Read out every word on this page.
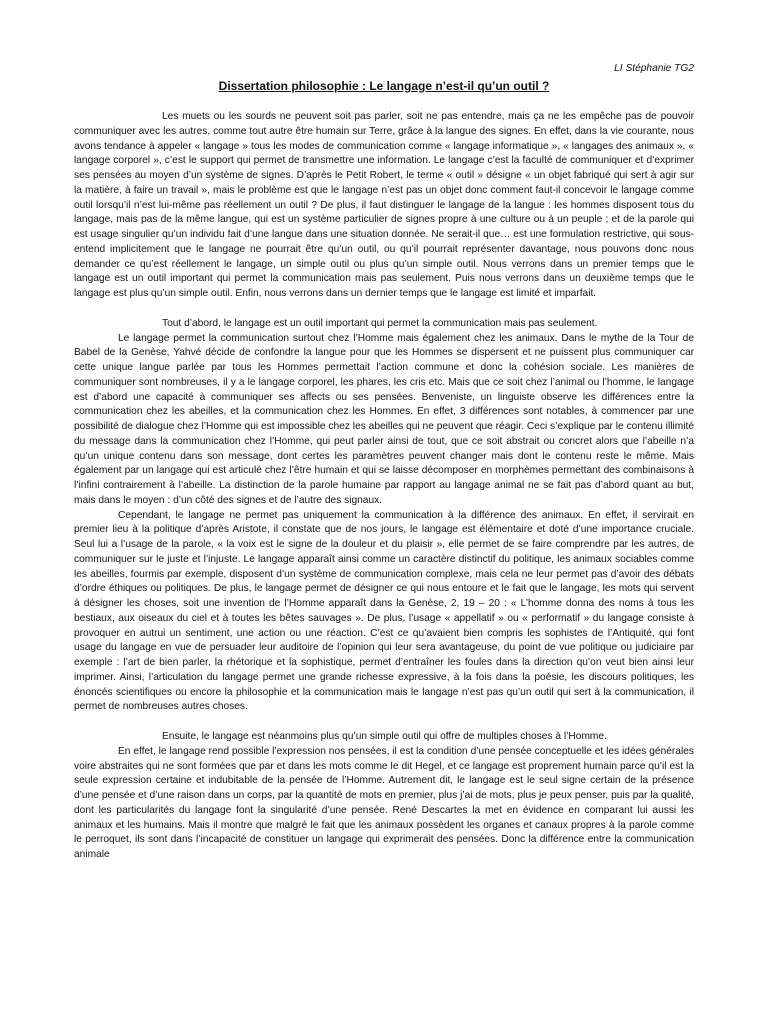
LI Stéphanie TG2
Dissertation philosophie : Le langage n’est-il qu’un outil ?

Les muets ou les sourds ne peuvent soit pas parler, soit ne pas entendre, mais ça ne les empêche pas de pouvoir communiquer avec les autres, comme tout autre être humain sur Terre, grâce à la langue des signes. En effet, dans la vie courante, nous avons tendance à appeler « langage » tous les modes de communication comme « langage informatique », « langages des animaux », « langage corporel », c’est le support qui permet de transmettre une information. Le langage c’est la faculté de communiquer et d’exprimer ses pensées au moyen d’un système de signes. D’après le Petit Robert, le terme « outil » désigne « un objet fabriqué qui sert à agir sur la matière, à faire un travail », mais le problème est que le langage n’est pas un objet donc comment faut-il concevoir le langage comme outil lorsqu’il n’est lui-même pas réellement un outil ? De plus, il faut distinguer le langage de la langue : les hommes disposent tous du langage, mais pas de la même langue, qui est un système particulier de signes propre à une culture ou à un peuple ; et de la parole qui est usage singulier qu’un individu fait d’une langue dans une situation donnée. Ne serait-il que… est une formulation restrictive, qui sous-entend implicitement que le langage ne pourrait être qu’un outil, ou qu’il pourrait représenter davantage, nous pouvons donc nous demander ce qu’est réellement le langage, un simple outil ou plus qu’un simple outil. Nous verrons dans un premier temps que le langage est un outil important qui permet la communication mais pas seulement. Puis nous verrons dans un deuxième temps que le langage est plus qu’un simple outil. Enfin, nous verrons dans un dernier temps que le langage est limité et imparfait.

Tout d’abord, le langage est un outil important qui permet la communication mais pas seulement.

Le langage permet la communication surtout chez l’Homme mais également chez les animaux. Dans le mythe de la Tour de Babel de la Genèse, Yahvé décide de confondre la langue pour que les Hommes se dispersent et ne puissent plus communiquer car cette unique langue parlée par tous les Hommes permettait l’action commune et donc la cohésion sociale. Les manières de communiquer sont nombreuses, il y a le langage corporel, les phares, les cris etc. Mais que ce soit chez l’animal ou l’homme, le langage est d’abord une capacité à communiquer ses affects ou ses pensées. Benveniste, un linguiste observe les différences entre la communication chez les abeilles, et la communication chez les Hommes. En effet, 3 différences sont notables, à commencer par une possibilité de dialogue chez l’Homme qui est impossible chez les abeilles qui ne peuvent que réagir. Ceci s’explique par le contenu illimité du message dans la communication chez l’Homme, qui peut parler ainsi de tout, que ce soit abstrait ou concret alors que l’abeille n’a qu’un unique contenu dans son message, dont certes les paramètres peuvent changer mais dont le contenu reste le même. Mais également par un langage qui est articulé chez l’être humain et qui se laisse décomposer en morphèmes permettant des combinaisons à l’infini contrairement à l’abeille. La distinction de la parole humaine par rapport au langage animal ne se fait pas d’abord quant au but, mais dans le moyen : d’un côté des signes et de l’autre des signaux.

Cependant, le langage ne permet pas uniquement la communication à la différence des animaux. En effet, il servirait en premier lieu à la politique d’après Aristote, il constate que de nos jours, le langage est élémentaire et doté d’une importance cruciale. Seul lui a l’usage de la parole, « la voix est le signe de la douleur et du plaisir », elle permet de se faire comprendre par les autres, de communiquer sur le juste et l’injuste. Le langage apparaît ainsi comme un caractère distinctif du politique, les animaux sociables comme les abeilles, fourmis par exemple, disposent d’un système de communication complexe, mais cela ne leur permet pas d’avoir des débats d’ordre éthiques ou politiques. De plus, le langage permet de désigner ce qui nous entoure et le fait que le langage, les mots qui servent à désigner les choses, soit une invention de l’Homme apparaît dans la Genèse, 2, 19 – 20 : « L’homme donna des noms à tous les bestiaux, aux oiseaux du ciel et à toutes les bêtes sauvages ». De plus, l’usage « appellatif » ou « performatif » du langage consiste à provoquer en autrui un sentiment, une action ou une réaction. C’est ce qu’avaient bien compris les sophistes de l’Antiquité, qui font usage du langage en vue de persuader leur auditoire de l’opinion qui leur sera avantageuse, du point de vue politique ou judiciaire par exemple : l’art de bien parler, la rhétorique et la sophistique, permet d’entraîner les foules dans la direction qu’on veut bien ainsi leur imprimer. Ainsi, l’articulation du langage permet une grande richesse expressive, à la fois dans la poésie, les discours politiques, les énoncés scientifiques ou encore la philosophie et la communication mais le langage n’est pas qu’un outil qui sert à la communication, il permet de nombreuses autres choses.

Ensuite, le langage est néanmoins plus qu’un simple outil qui offre de multiples choses à l’Homme.

En effet, le langage rend possible l’expression nos pensées, il est la condition d’une pensée conceptuelle et les idées générales voire abstraites qui ne sont formées que par et dans les mots comme le dit Hegel, et ce langage est proprement humain parce qu’il est la seule expression certaine et indubitable de la pensée de l’Homme. Autrement dit, le langage est le seul signe certain de la présence d’une pensée et d’une raison dans un corps, par la quantité de mots en premier, plus j’ai de mots, plus je peux penser, puis par la qualité, dont les particularités du langage font la singularité d’une pensée. René Descartes la met en évidence en comparant lui aussi les animaux et les humains. Mais il montre que malgré le fait que les animaux possèdent les organes et canaux propres à la parole comme le perroquet, ils sont dans l’incapacité de constituer un langage qui exprimerait des pensées. Donc la différence entre la communication animale
